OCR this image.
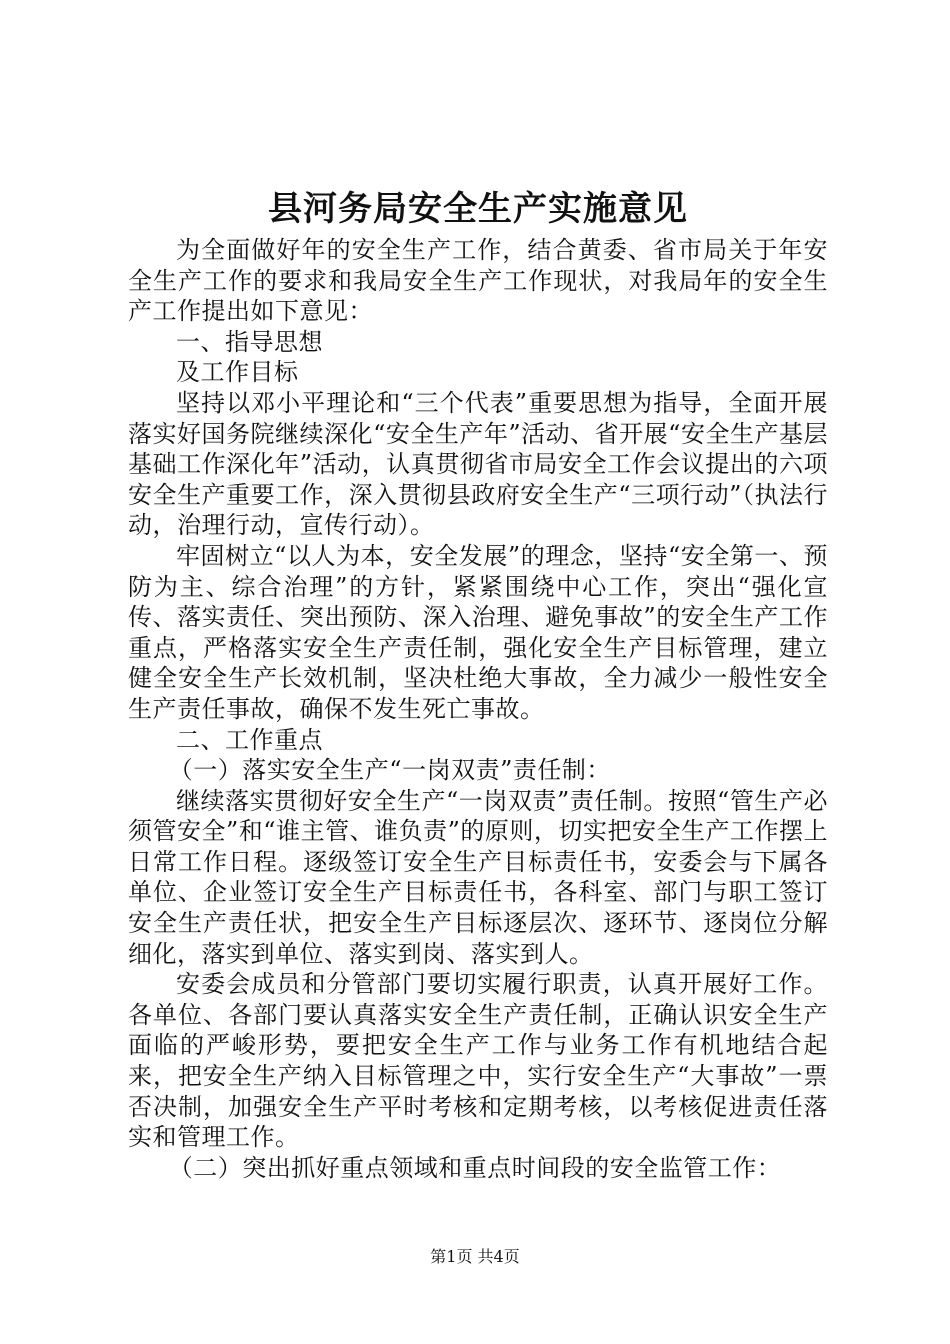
县河务局安全生产实施意见

为全面做好年的安全生产工作，结合黄委、省市局关于年安全生产工作的要求和我局安全生产工作现状，对我局年的安全生产工作提出如下意见：

一、指导思想

及工作目标

坚持以邓小平理论和“三个代表”重要思想为指导，全面开展落实好国务院继续深化“安全生产年”活动、省开展“安全生产基层基础工作深化年”活动，认真贯彻省市局安全工作会议提出的六项安全生产重要工作，深入贯彻县政府安全生产“三项行动”（执法行动，治理行动，宣传行动）。

牢固树立“以人为本，安全发展”的理念，坚持“安全第一、预防为主、综合治理”的方针，紧紧围绕中心工作，突出“强化宣传、落实责任、突出预防、深入治理、避免事故”的安全生产工作重点，严格落实安全生产责任制，强化安全生产目标管理，建立健全安全生产长效机制，坚决杜绝大事故，全力减少一般性安全生产责任事故，确保不发生死亡事故。

二、工作重点

（一）落实安全生产“一岗双责”责任制：

继续落实贯彻好安全生产“一岗双责”责任制。按照“管生产必须管安全”和“谁主管、谁负责”的原则，切实把安全生产工作摆上日常工作日程。逐级签订安全生产目标责任书，安委会与下属各单位、企业签订安全生产目标责任书，各科室、部门与职工签订安全生产责任状，把安全生产目标逐层次、逐环节、逐岗位分解细化，落实到单位、落实到岗、落实到人。

安委会成员和分管部门要切实履行职责，认真开展好工作。各单位、各部门要认真落实安全生产责任制，正确认识安全生产面临的严峻形势，要把安全生产工作与业务工作有机地结合起来，把安全生产纳入目标管理之中，实行安全生产“大事故”一票否决制，加强安全生产平时考核和定期考核，以考核促进责任落实和管理工作。

（二）突出抓好重点领域和重点时间段的安全监管工作：

第1页 共4页
